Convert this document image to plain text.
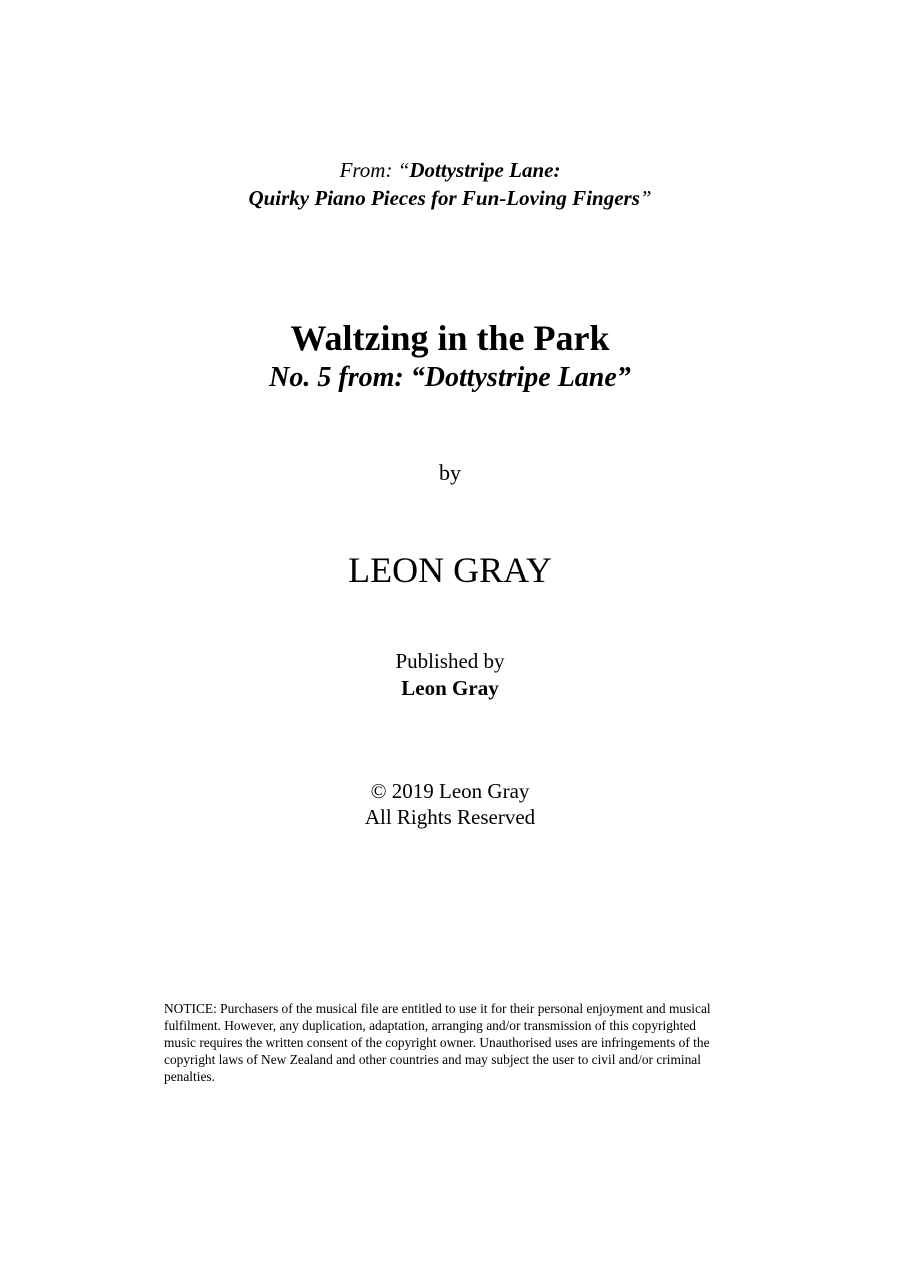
From: “Dottystripe Lane:
Quirky Piano Pieces for Fun-Loving Fingers”
Waltzing in the Park
No. 5 from: “Dottystripe Lane”
by
LEON GRAY
Published by
Leon Gray
© 2019 Leon Gray
All Rights Reserved
NOTICE: Purchasers of the musical file are entitled to use it for their personal enjoyment and musical
fulfilment. However, any duplication, adaptation, arranging and/or transmission of this copyrighted
music requires the written consent of the copyright owner. Unauthorised uses are infringements of the
copyright laws of New Zealand and other countries and may subject the user to civil and/or criminal
penalties.
